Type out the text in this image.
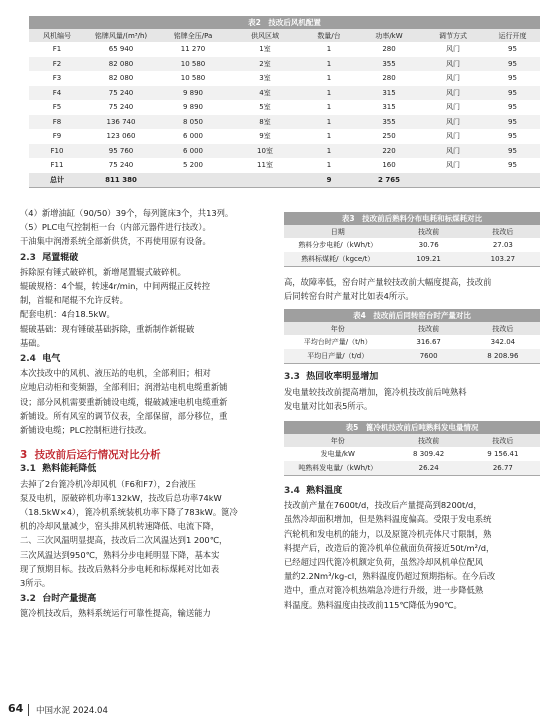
表2　技改后风机配置
风机编号	铭牌风量/(m³/h)	铭牌全压/Pa	供风区域	数量/台	功率/kW	调节方式	运行开度
F1	65 940	11 270	1室	1	280	风门	95
F2	82 080	10 580	2室	1	355	风门	95
F3	82 080	10 580	3室	1	280	风门	95
F4	75 240	9 890	4室	1	315	风门	95
F5	75 240	9 890	5室	1	315	风门	95
F8	136 740	8 050	8室	1	355	风门	95
F9	123 060	6 000	9室	1	250	风门	95
F10	95 760	6 000	10室	1	220	风门	95
F11	75 240	5 200	11室	1	160	风门	95
总计	811 380			9	2 765		
（4）新增油缸（90/50）39个，每列篦床3个，共13列。
（5）PLC电气控制柜一台（内部元器件进行技改）。
干油集中润滑系统全部新供货，不再使用原有设备。
2.3 尾置辊破
拆除原有锤式破碎机，新增尾置辊式破碎机。
辊破规格：4个辊，转速4r/min，中间两辊正反转控
制，首辊和尾辊不允许反转。
配套电机：4台18.5kW。
辊破基础：现有锤破基础拆除，重新制作新辊破
基础。
2.4 电气
本次技改中的风机、液压站的电机，全部利旧；相对
应地启动柜和变频器，全部利旧；润滑站电机电缆重新铺
设；部分风机需要重新铺设电缆，辊破减速电机电缆重新
新铺设。所有风室的调节仪表，全部保留，部分移位，重
新铺设电缆；PLC控制柜进行技改。
3 技改前后运行情况对比分析
3.1 熟料能耗降低
去掉了2台篦冷机冷却风机（F6和F7），2台液压
泵及电机，原破碎机功率132kW，技改后总功率74kW
（18.5kW×4），篦冷机系统装机功率下降了783kW。篦冷
机的冷却风量减少，窑头排风机转速降低、电流下降，
二、三次风温明显提高，技改后二次风温达到1 200℃，
三次风温达到950℃，熟料分步电耗明显下降，基本实
现了预期目标。技改后熟料分步电耗和标煤耗对比如表
3所示。
3.2 台时产量提高
篦冷机技改后，熟料系统运行可靠性提高，输送能力
表3　技改前后熟料分布电耗和标煤耗对比
日期	技改前	技改后
熟料分步电耗/（kWh/t）	30.76	27.03
熟料标煤耗/（kgce/t）	109.21	103.27
高，故障率低，窑台时产量较技改前大幅度提高，技改前
后同转窑台时产量对比如表4所示。
表4　技改前后同转窑台时产量对比
年份	技改前	技改后
平均台时产量/（t/h）	316.67	342.04
平均日产量/（t/d）	7600	8 208.96
3.3 热回收率明显增加
发电量较技改前提高增加，篦冷机技改前后吨熟料
发电量对比如表5所示。
表5　篦冷机技改前后吨熟料发电量情况
年份	技改前	技改后
发电量/kW	8 309.42	9 156.41
吨熟料发电量/（kWh/t）	26.24	26.77
3.4 熟料温度
技改前产量在7600t/d，技改后产量提高到8200t/d，
虽然冷却面积增加，但是熟料温度偏高。受限于发电系统
汽轮机和发电机的能力，以及原篦冷机壳体尺寸限制，熟
料提产后，改造后的篦冷机单位截面负荷接近50t/m²/d，
已经超过四代篦冷机额定负荷，虽然冷却风机单位配风
量约2.2Nm³/kg-cl，熟料温度仍超过预期指标。在今后改
造中，重点对篦冷机热端急冷进行升级，进一步降低熟
料温度。熟料温度由技改前115℃降低为90℃。
64 中国水泥 2024.04
